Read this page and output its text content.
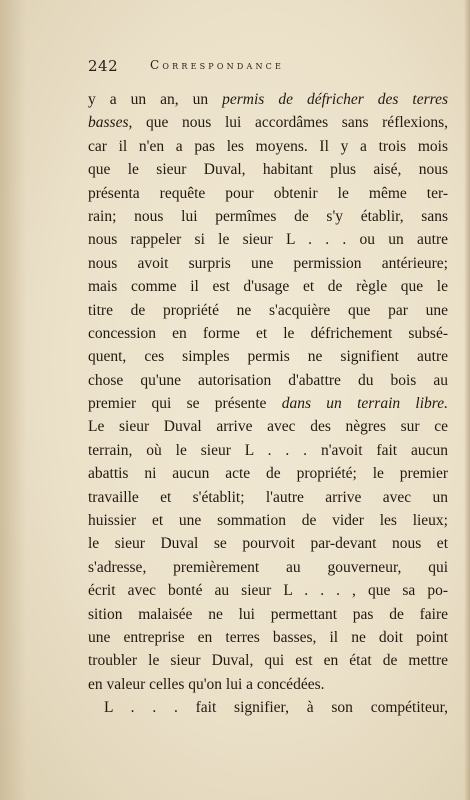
242	Correspondance
y a un an, un permis de défricher des terres
basses, que nous lui accordâmes sans réflexions,
car il n'en a pas les moyens. Il y a trois mois
que le sieur Duval, habitant plus aisé, nous
présenta requête pour obtenir le même ter-
rain; nous lui permîmes de s'y établir, sans
nous rappeler si le sieur L . . . ou un autre
nous avoit surpris une permission antérieure;
mais comme il est d'usage et de règle que le
titre de propriété ne s'acquière que par une
concession en forme et le défrichement subsé-
quent, ces simples permis ne signifient autre
chose qu'une autorisation d'abattre du bois au
premier qui se présente dans un terrain libre.
Le sieur Duval arrive avec des nègres sur ce
terrain, où le sieur L . . . n'avoit fait aucun
abattis ni aucun acte de propriété; le premier
travaille et s'établit; l'autre arrive avec un
huissier et une sommation de vider les lieux;
le sieur Duval se pourvoit par-devant nous et
s'adresse, premièrement au gouverneur, qui
écrit avec bonté au sieur L . . . , que sa po-
sition malaisée ne lui permettant pas de faire
une entreprise en terres basses, il ne doit point
troubler le sieur Duval, qui est en état de mettre
en valeur celles qu'on lui a concédées.
L . . . fait signifier, à son compétiteur,
